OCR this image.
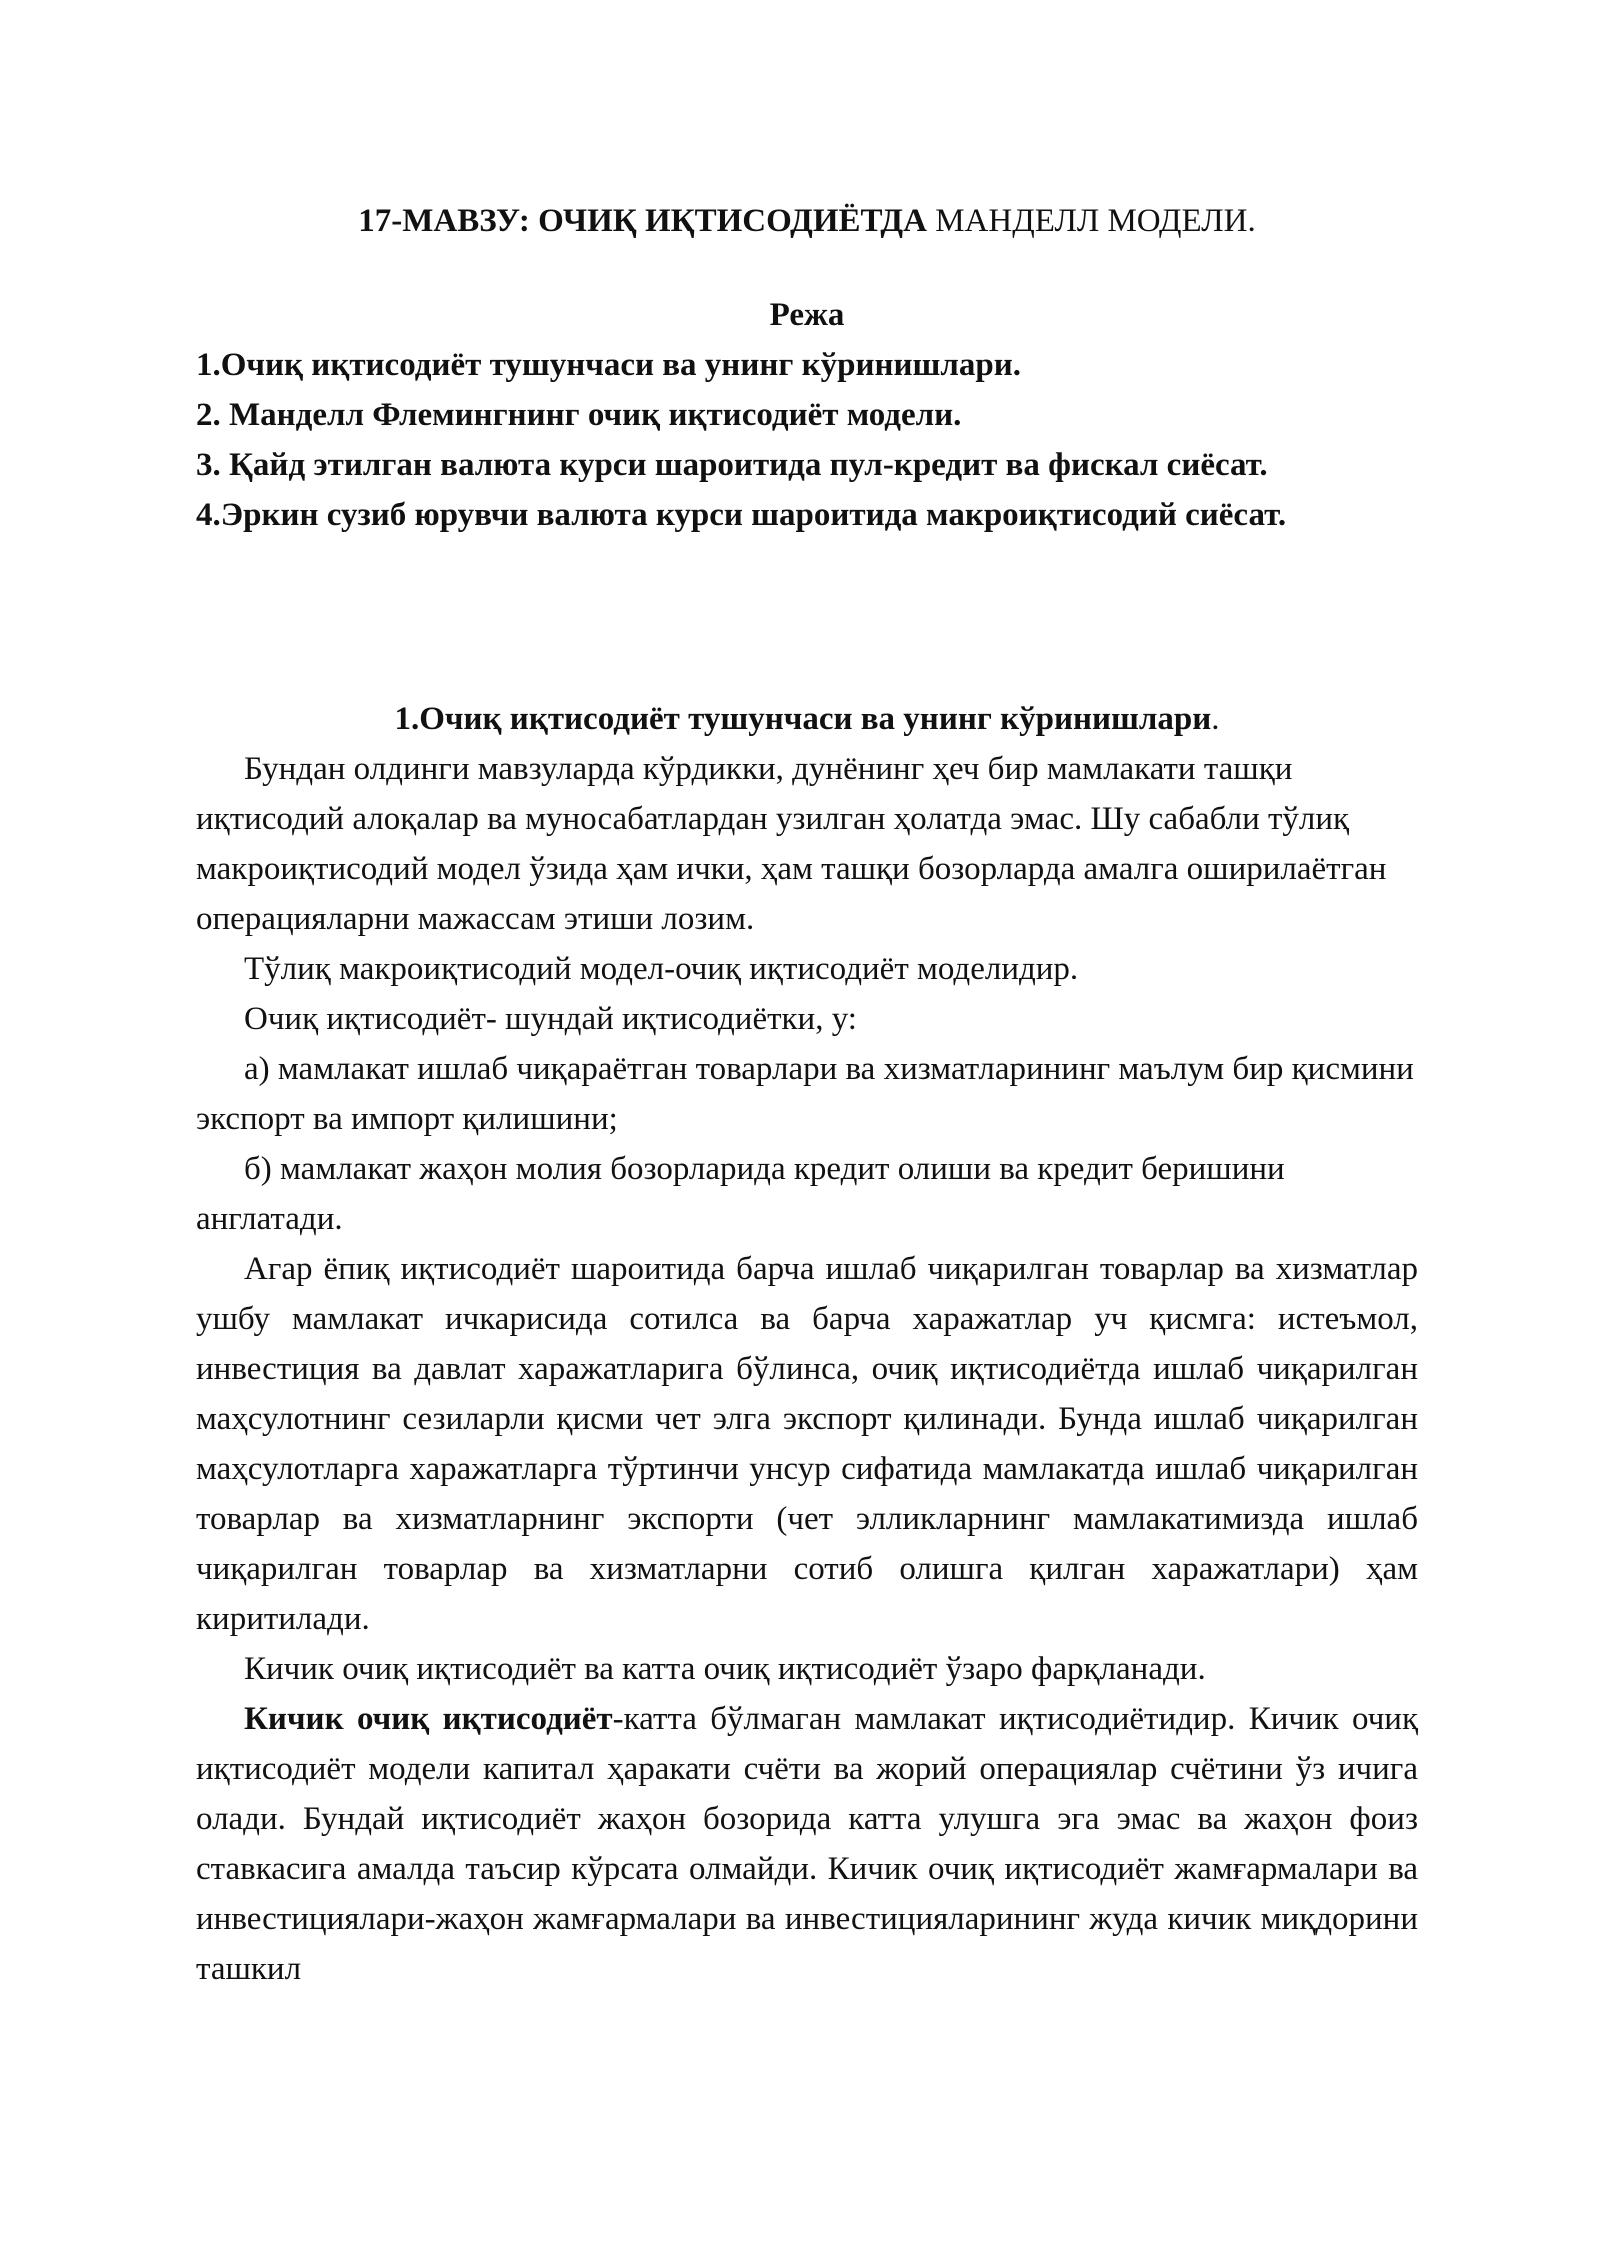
17-МАВЗУ: ОЧИҚ ИҚТИСОДИЁТДА МАНДЕЛЛ МОДЕЛИ.
Режа
1.Очиқ иқтисодиёт тушунчаси ва унинг кўринишлари.
2. Манделл Флемингнинг очиқ иқтисодиёт модели.
3. Қайд этилган валюта курси шароитида пул-кредит ва фискал сиёсат.
4.Эркин сузиб юрувчи валюта курси шароитида макроиқтисодий сиёсат.
1.Очиқ иқтисодиёт тушунчаси ва унинг кўринишлари.

Бундан олдинги мавзуларда кўрдикки, дунёнинг ҳеч бир мамлакати ташқи иқтисодий алоқалар ва муносабатлардан узилган ҳолатда эмас. Шу сабабли тўлиқ макроиқтисодий модел ўзида ҳам ички, ҳам ташқи бозорларда амалга оширилаётган операцияларни мажассам этиши лозим.

Тўлиқ макроиқтисодий модел-очиқ иқтисодиёт моделидир.

Очиқ иқтисодиёт- шундай иқтисодиётки, у:

а) мамлакат ишлаб чиқараётган товарлари ва хизматларининг маълум бир қисмини экспорт ва импорт қилишини;

б) мамлакат жаҳон молия бозорларида кредит олиши ва кредит беришини англатади.

Агар ёпиқ иқтисодиёт шароитида барча ишлаб чиқарилган товарлар ва хизматлар ушбу мамлакат ичкарисида сотилса ва барча харажатлар уч қисмга: истеъмол, инвестиция ва давлат харажатларига бўлинса, очиқ иқтисодиётда ишлаб чиқарилган маҳсулотнинг сезиларли қисми чет элга экспорт қилинади. Бунда ишлаб чиқарилган маҳсулотларга харажатларга тўртинчи унсур сифатида мамлакатда ишлаб чиқарилган товарлар ва хизматларнинг экспорти (чет элликларнинг мамлакатимизда ишлаб чиқарилган товарлар ва хизматларни сотиб олишга қилган харажатлари) ҳам киритилади.

Кичик очиқ иқтисодиёт ва катта очиқ иқтисодиёт ўзаро фарқланади.

Кичик очиқ иқтисодиёт-катта бўлмаган мамлакат иқтисодиётидир. Кичик очиқ иқтисодиёт модели капитал ҳаракати счёти ва жорий операциялар счётини ўз ичига олади. Бундай иқтисодиёт жаҳон бозорида катта улушга эга эмас ва жаҳон фоиз ставкасига амалда таъсир кўрсата олмайди. Кичик очиқ иқтисодиёт жамғармалари ва инвестициялари-жаҳон жамғармалари ва инвестицияларининг жуда кичик миқдорини ташкил
